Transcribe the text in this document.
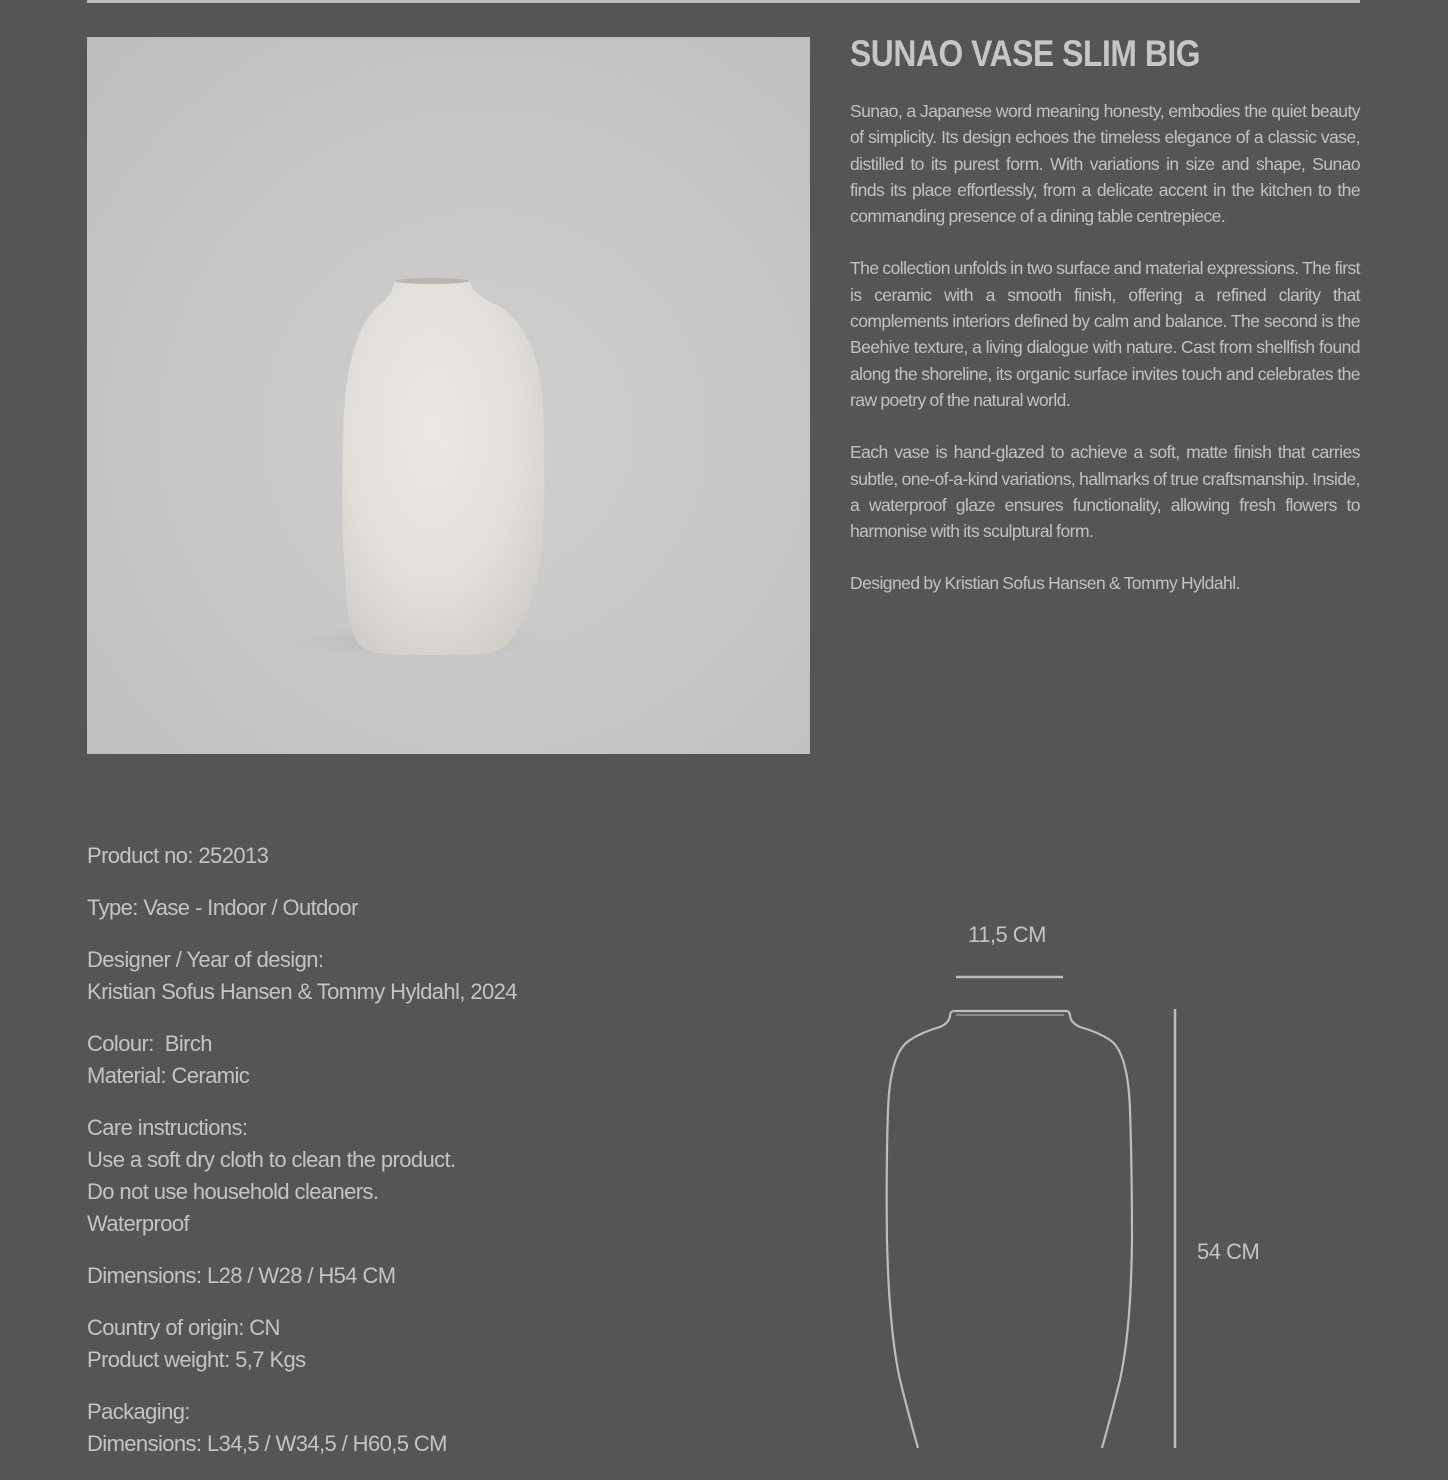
SUNAO VASE SLIM BIG

Sunao, a Japanese word meaning honesty, embodies the quiet beauty of simplicity. Its design echoes the timeless elegance of a classic vase, distilled to its purest form. With variations in size and shape, Sunao finds its place effortlessly, from a delicate accent in the kitchen to the commanding presence of a dining table centrepiece.

The collection unfolds in two surface and material expressions. The first is ceramic with a smooth finish, offering a refined clarity that complements interiors defined by calm and balance. The second is the Beehive texture, a living dialogue with nature. Cast from shellfish found along the shoreline, its organic surface invites touch and celebrates the raw poetry of the natural world.

Each vase is hand-glazed to achieve a soft, matte finish that carries subtle, one-of-a-kind variations, hallmarks of true craftsmanship. Inside, a waterproof glaze ensures functionality, allowing fresh flowers to harmonise with its sculptural form.

Designed by Kristian Sofus Hansen & Tommy Hyldahl.

Product no: 252013
Type: Vase - Indoor / Outdoor
Designer / Year of design:
Kristian Sofus Hansen & Tommy Hyldahl, 2024
Colour:  Birch
Material: Ceramic
Care instructions:
Use a soft dry cloth to clean the product.
Do not use household cleaners.
Waterproof
Dimensions: L28 / W28 / H54 CM
Country of origin: CN
Product weight: 5,7 Kgs
Packaging:
Dimensions: L34,5 / W34,5 / H60,5 CM
11,5 CM
54 CM
